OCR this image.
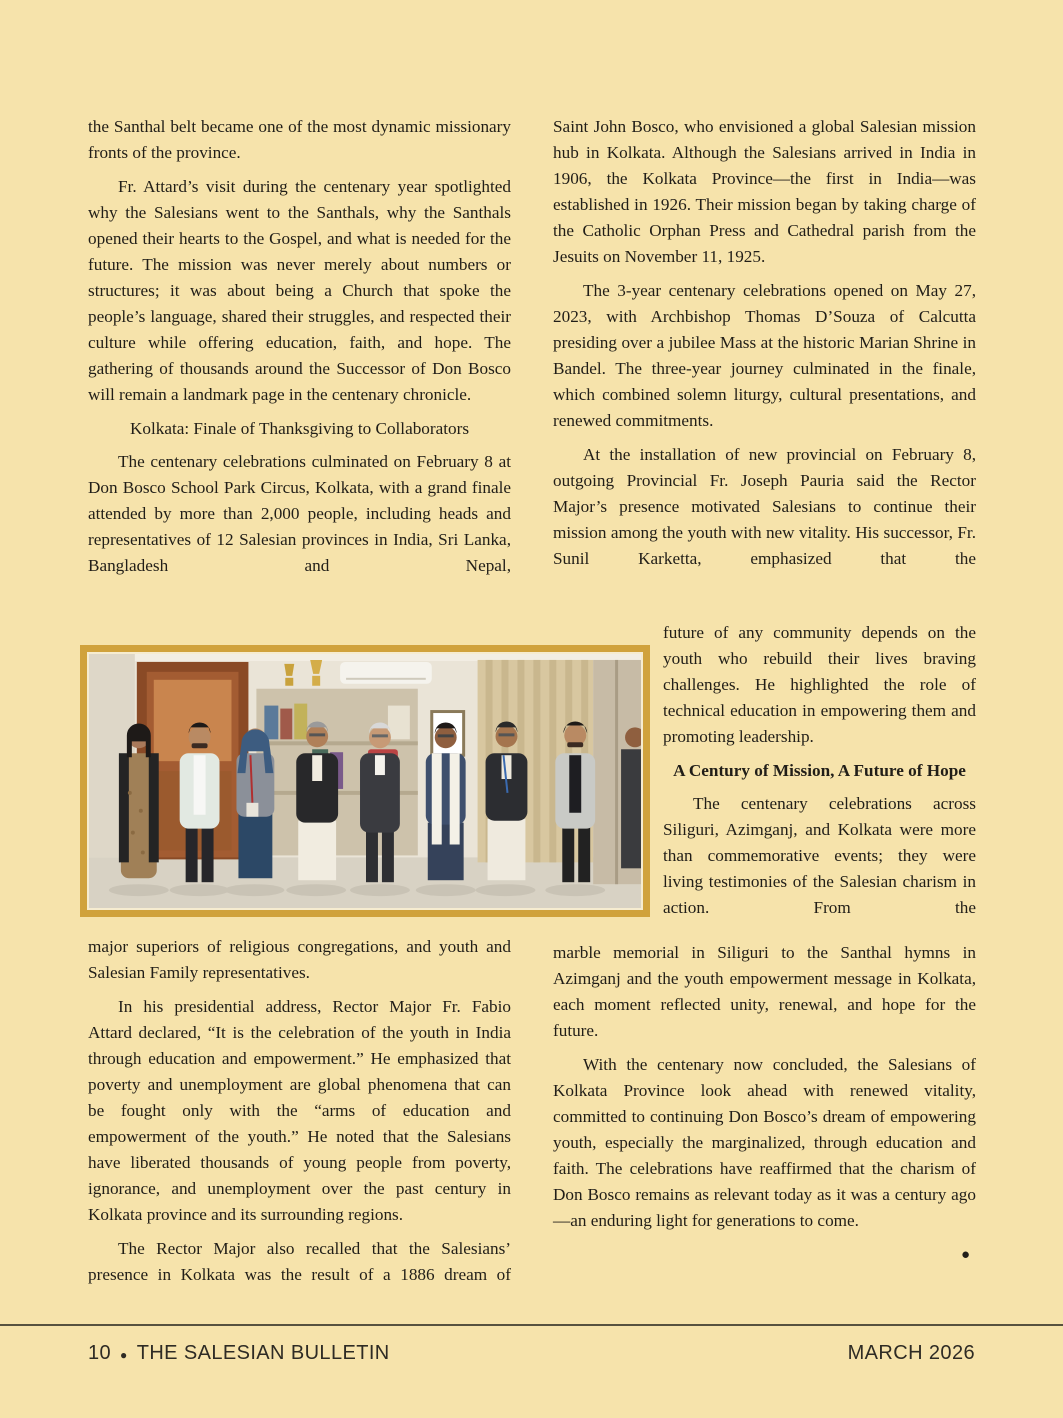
the Santhal belt became one of the most dynamic missionary fronts of the province.

Fr. Attard’s visit during the centenary year spotlighted why the Salesians went to the Santhals, why the Santhals opened their hearts to the Gospel, and what is needed for the future. The mission was never merely about numbers or structures; it was about being a Church that spoke the people’s language, shared their struggles, and respected their culture while offering education, faith, and hope. The gathering of thousands around the Successor of Don Bosco will remain a landmark page in the centenary chronicle.

Kolkata: Finale of Thanksgiving to Collaborators

The centenary celebrations culminated on February 8 at Don Bosco School Park Circus, Kolkata, with a grand finale attended by more than 2,000 people, including heads and representatives of 12 Salesian provinces in India, Sri Lanka, Bangladesh and Nepal,

major superiors of religious congregations, and youth and Salesian Family representatives.

In his presidential address, Rector Major Fr. Fabio Attard declared, “It is the celebration of the youth in India through education and empowerment.” He emphasized that poverty and unemployment are global phenomena that can be fought only with the “arms of education and empowerment of the youth.” He noted that the Salesians have liberated thousands of young people from poverty, ignorance, and unemployment over the past century in Kolkata province and its surrounding regions.

The Rector Major also recalled that the Salesians’ presence in Kolkata was the result of a 1886 dream of

Saint John Bosco, who envisioned a global Salesian mission hub in Kolkata. Although the Salesians arrived in India in 1906, the Kolkata Province—the first in India—was established in 1926. Their mission began by taking charge of the Catholic Orphan Press and Cathedral parish from the Jesuits on November 11, 1925.

The 3-year centenary celebrations opened on May 27, 2023, with Archbishop Thomas D’Souza of Calcutta presiding over a jubilee Mass at the historic Marian Shrine in Bandel. The three-year journey culminated in the finale, which combined solemn liturgy, cultural presentations, and renewed commitments.

At the installation of new provincial on February 8, outgoing Provincial Fr. Joseph Pauria said the Rector Major’s presence motivated Salesians to continue their mission among the youth with new vitality. His successor, Fr. Sunil Karketta, emphasized that the

future of any community depends on the youth who rebuild their lives braving challenges. He highlighted the role of technical education in empowering them and promoting leadership.

A Century of Mission, A Future of Hope

The centenary celebrations across Siliguri, Azimganj, and Kolkata were more than commemorative events; they were living testimonies of the Salesian charism in action. From the

marble memorial in Siliguri to the Santhal hymns in Azimganj and the youth empowerment message in Kolkata, each moment reflected unity, renewal, and hope for the future.

With the centenary now concluded, the Salesians of Kolkata Province look ahead with renewed vitality, committed to continuing Don Bosco’s dream of empowering youth, especially the marginalized, through education and faith. The celebrations have reaffirmed that the charism of Don Bosco remains as relevant today as it was a century ago—an enduring light for generations to come.

●

10 ● THE SALESIAN BULLETIN	MARCH 2026
